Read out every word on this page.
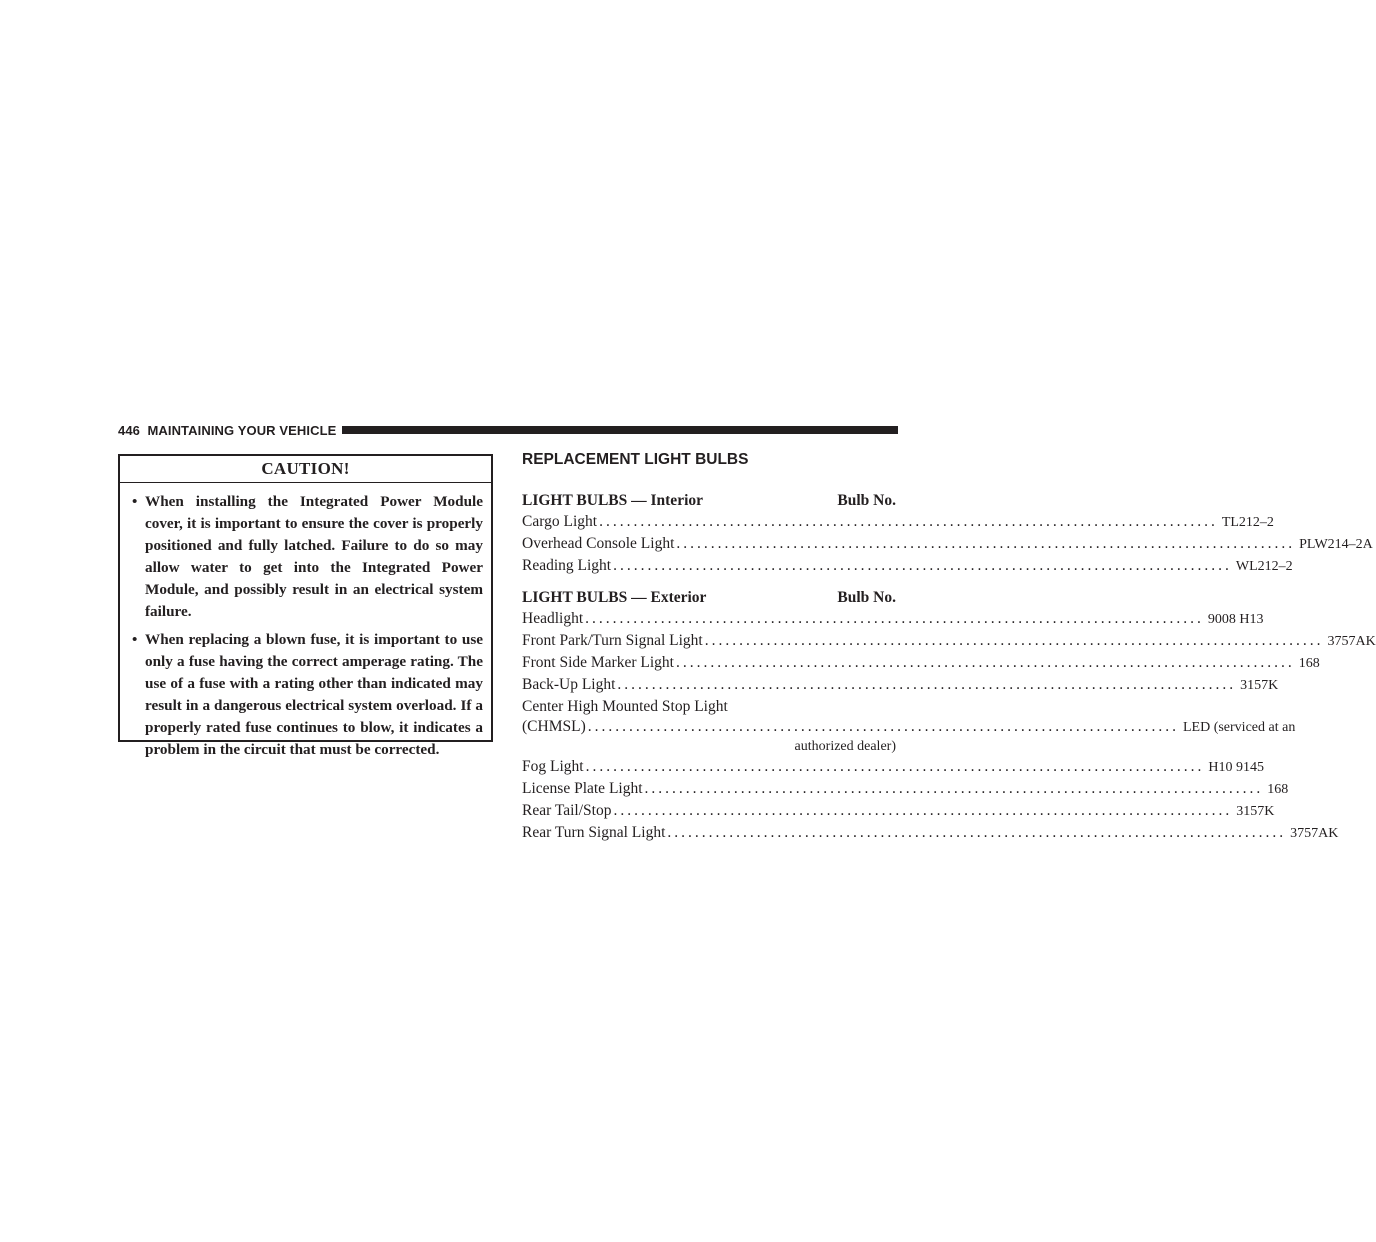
446 MAINTAINING YOUR VEHICLE
CAUTION!
• When installing the Integrated Power Module cover, it is important to ensure the cover is properly positioned and fully latched. Failure to do so may allow water to get into the Integrated Power Module, and possibly result in an electrical system failure.
• When replacing a blown fuse, it is important to use only a fuse having the correct amperage rating. The use of a fuse with a rating other than indicated may result in a dangerous electrical system overload. If a properly rated fuse continues to blow, it indicates a problem in the circuit that must be corrected.
REPLACEMENT LIGHT BULBS
LIGHT BULBS — Interior	Bulb No.
Cargo Light .......................................................................................... TL212–2
Overhead Console Light .......................................................................................... PLW214–2A
Reading Light .......................................................................................... WL212–2
LIGHT BULBS — Exterior	Bulb No.
Headlight .......................................................................................... 9008 H13
Front Park/Turn Signal Light .......................................................................................... 3757AK
Front Side Marker Light .......................................................................................... 168
Back-Up Light .......................................................................................... 3157K
Center High Mounted Stop Light
(CHMSL) ...................................................................................... LED (serviced at an
authorized dealer)
Fog Light .......................................................................................... H10 9145
License Plate Light .......................................................................................... 168
Rear Tail/Stop .......................................................................................... 3157K
Rear Turn Signal Light .......................................................................................... 3757AK
